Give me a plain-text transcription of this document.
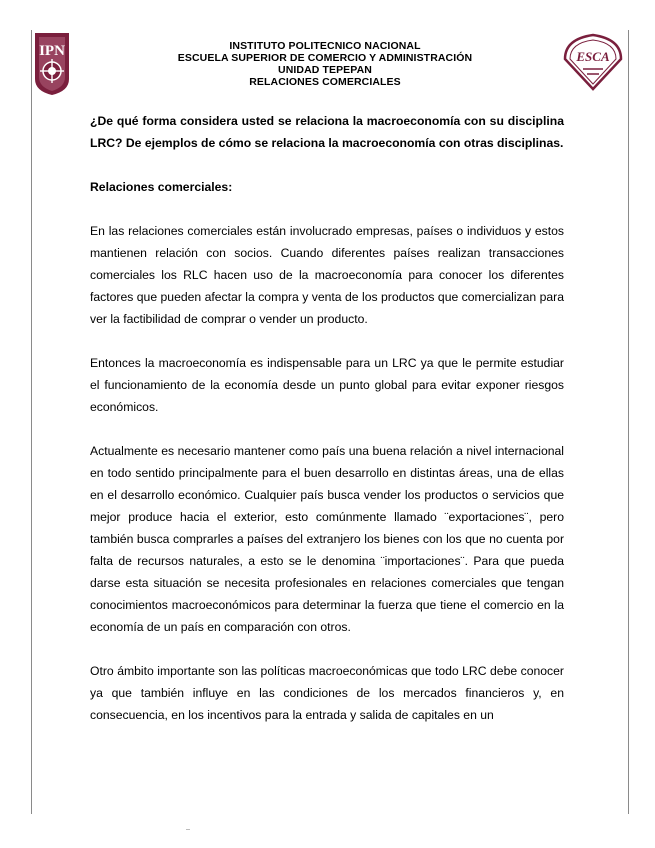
IPN	ESCA
INSTITUTO POLITECNICO NACIONAL
ESCUELA SUPERIOR DE COMERCIO Y ADMINISTRACIÓN
UNIDAD TEPEPAN
RELACIONES COMERCIALES

¿De qué forma considera usted se relaciona la macroeconomía con su disciplina LRC? De ejemplos de cómo se relaciona la macroeconomía con otras disciplinas.

Relaciones comerciales:

En las relaciones comerciales están involucrado empresas, países o individuos y estos mantienen relación con socios. Cuando diferentes países realizan transacciones comerciales los RLC hacen uso de la macroeconomía para conocer los diferentes factores que pueden afectar la compra y venta de los productos que comercializan para ver la factibilidad de comprar o vender un producto.

Entonces la macroeconomía es indispensable para un LRC ya que le permite estudiar el funcionamiento de la economía desde un punto global para evitar exponer riesgos económicos.

Actualmente es necesario mantener como país una buena relación a nivel internacional en todo sentido principalmente para el buen desarrollo en distintas áreas, una de ellas en el desarrollo económico. Cualquier país busca vender los productos o servicios que mejor produce hacia el exterior, esto comúnmente llamado ¨exportaciones¨, pero también busca comprarles a países del extranjero los bienes con los que no cuenta por falta de recursos naturales, a esto se le denomina ¨importaciones¨. Para que pueda darse esta situación se necesita profesionales en relaciones comerciales que tengan conocimientos macroeconómicos para determinar la fuerza que tiene el comercio en la economía de un país en comparación con otros.

Otro ámbito importante son las políticas macroeconómicas que todo LRC debe conocer ya que también influye en las condiciones de los mercados financieros y, en consecuencia, en los incentivos para la entrada y salida de capitales en un
